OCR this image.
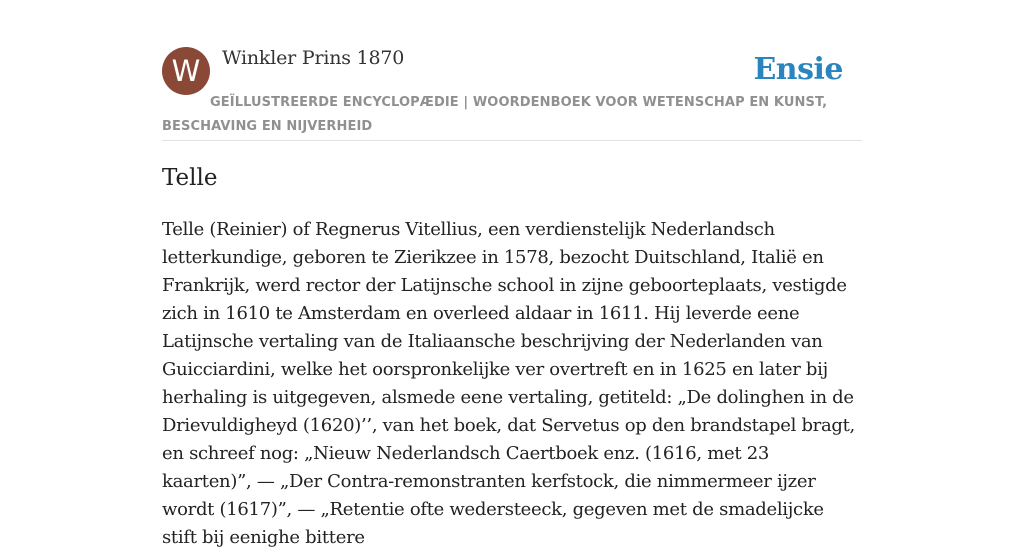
W	Winkler Prins 1870	Ensie
GEÏLLUSTREERDE ENCYCLOPÆDIE | WOORDENBOEK VOOR WETENSCHAP EN KUNST, BESCHAVING EN NIJVERHEID
Telle

Telle (Reinier) of Regnerus Vitellius, een verdienstelijk Nederlandsch letterkundige, geboren te Zierikzee in 1578, bezocht Duitschland, Italië en Frankrijk, werd rector der Latijnsche school in zijne geboorteplaats, vestigde zich in 1610 te Amsterdam en overleed aldaar in 1611. Hij leverde eene Latijnsche vertaling van de Italiaansche beschrijving der Nederlanden van Guicciardini, welke het oorspronkelijke ver overtreft en in 1625 en later bij herhaling is uitgegeven, alsmede eene vertaling, getiteld: „De dolinghen in de Drievuldigheyd (1620)’’, van het boek, dat Servetus op den brandstapel bragt, en schreef nog: „Nieuw Nederlandsch Caertboek enz. (1616, met 23 kaarten)”, — „Der Contra-remonstranten kerfstock, die nimmermeer ijzer wordt (1617)”, — „Retentie ofte wedersteeck, gegeven met de smadelijcke stift bij eenighe bittere
